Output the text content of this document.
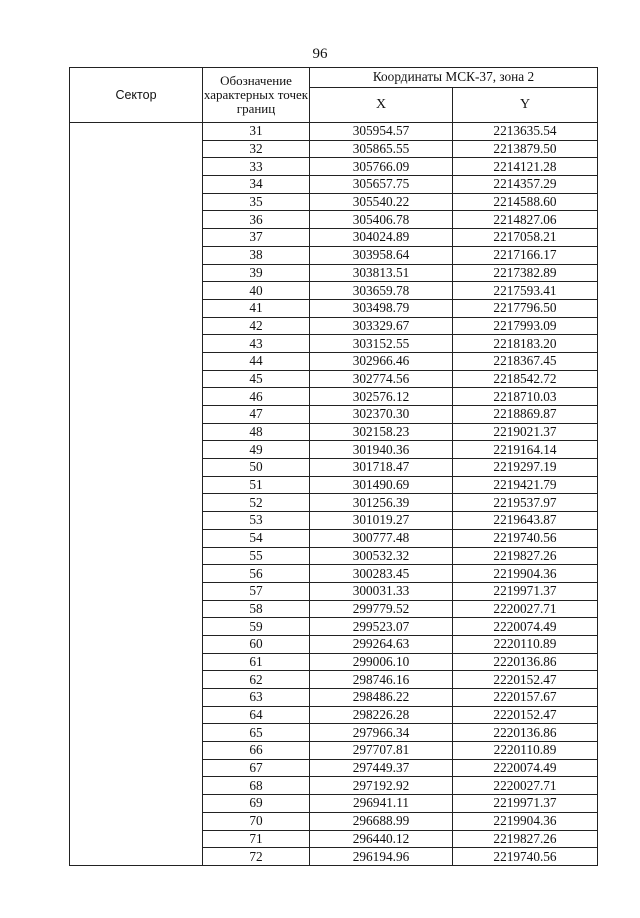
96
Сектор	Обозначение характерных точек границ	Координаты МСК-37, зона 2	
		X	Y
	31	305954.57	2213635.54
	32	305865.55	2213879.50
	33	305766.09	2214121.28
	34	305657.75	2214357.29
	35	305540.22	2214588.60
	36	305406.78	2214827.06
	37	304024.89	2217058.21
	38	303958.64	2217166.17
	39	303813.51	2217382.89
	40	303659.78	2217593.41
	41	303498.79	2217796.50
	42	303329.67	2217993.09
	43	303152.55	2218183.20
	44	302966.46	2218367.45
	45	302774.56	2218542.72
	46	302576.12	2218710.03
	47	302370.30	2218869.87
	48	302158.23	2219021.37
	49	301940.36	2219164.14
	50	301718.47	2219297.19
	51	301490.69	2219421.79
	52	301256.39	2219537.97
	53	301019.27	2219643.87
	54	300777.48	2219740.56
	55	300532.32	2219827.26
	56	300283.45	2219904.36
	57	300031.33	2219971.37
	58	299779.52	2220027.71
	59	299523.07	2220074.49
	60	299264.63	2220110.89
	61	299006.10	2220136.86
	62	298746.16	2220152.47
	63	298486.22	2220157.67
	64	298226.28	2220152.47
	65	297966.34	2220136.86
	66	297707.81	2220110.89
	67	297449.37	2220074.49
	68	297192.92	2220027.71
	69	296941.11	2219971.37
	70	296688.99	2219904.36
	71	296440.12	2219827.26
	72	296194.96	2219740.56
